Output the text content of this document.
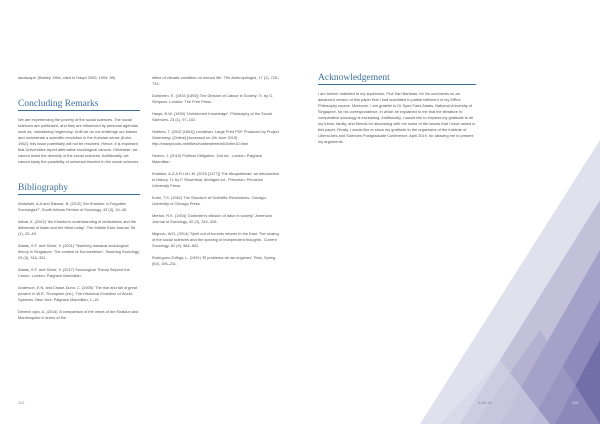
landscape' (Bartley 1984, cited in Haupt 2000, 1993: 98).

Concluding Remarks

We are experiencing the poverty of the social sciences. The social sciences are politicised, and they are influenced by personal agendas, such as, maintaining hegemony. Until we do not challenge our biases and orchestrate a scientific revolution in the Kuhnian sense (Kuhn, 1962), this issue potentially will not be resolved. Hence, it is important that Universities report alternative sociological canons. Otherwise, we cannot resist the diversity of the social sciences. Additionally, we cannot study the possibility of universal theories in the social sciences.

Bibliography

Abdullahi, A.A and Salawu, B. (2012) 'Ibn Khaldun: A Forgotten Sociologist?', South African Review of Sociology, 43 (3), 24–40.

Akbar, A. (2002) 'Ibn Khaldun's understanding of civilizations and the dilemmas of Islam and the West today'. The Middle East Journal, 56 (1), 20–45.

Alatas, S.F. and Sinha, V. (2001) 'Teaching classical sociological theory in Singapore: The context of Eurocentrism'. Teaching Sociology, 29 (3), 316–331.

Alatas, S.F. and Sinha, V. (2017) Sociological Theory Beyond the Canon. London: Palgrave Macmillan.

Anderson, E.N. and Chase-Dunn, C. (2005) 'The rise and fall of great powers' in W.R. Thompson (ed.), The Historical Evolution of World-Systems. New York: Palgrave Macmillan, 1–19.

Demirci oglu, A. (2014) 'A comparison of the views of Ibn Khaldun and Montesquieu in terms of the

effect of climatic condition on human life'. The Anthropologist, 17 (1), 725–733.

Durkheim, E. (1933 [1893]) The Division of Labour in Society. Tr. by G. Simpson. London: The Free Press.

Haupt, B.W. (1993) 'Uninformed Knowledge', Philosophy of the Social Sciences, 23 (1), 97–102.

Hobbes, T. (2002 [1651]) Leviathan. Large Print PDF Produced by Project Gutenberg. [Online] [Accessed on 4th June 2019] http://manybooks.net/titles/hobbesthetext02lvthn10.html

Horton, J. (2010) Political Obligation. 2nd ed., London: Palgrave Macmillan.

Khaldun, A.Z.A.R.I.M.I.M. (2015 [1377]) The Muqaddimah: an introduction to history. Tr. by F. Rosenthal. Abridged ed., Princeton: Princeton University Press.

Kuhn, T.S. (1962) The Structure of Scientific Revolutions. Chicago: University of Chicago Press.

Merton, R.K. (1934) 'Durkheim's division of labor in society'. American Journal of Sociology, 40 (3), 319–328.

Mignolo, W.D. (2014) 'Spirit out of bounds returns to the East: The closing of the social sciences and the opening of independent thoughts'. Current Sociology, 62 (4), 584–602.

Rodríguez-Zúñiga, L. (1991) 'El problema de los orígenes'. Reis, Spring (54), 195–211.

112
Acknowledgement

I am forever indebted to my supervisor, Prof Sari Barbeau, for his comments on an advanced version of this paper that I had submitted in partial fulfilment of my MRes Philosophy course. Moreover, I am grateful to Dr Syed Farid Alatas, National University of Singapore, for his correspondence, in which he explained to me that the literature in comparative sociology is increasing. Additionally, I would like to express my gratitude to all my tutors, family, and friends for discussing with me some of the issues that I have raised in this paper. Finally, I would like to show my gratitude to the organisers of the Institute of Liberal Arts and Sciences Postgraduate Conference, April 2019, for allowing me to present my arguments.

ILAS #2	113
